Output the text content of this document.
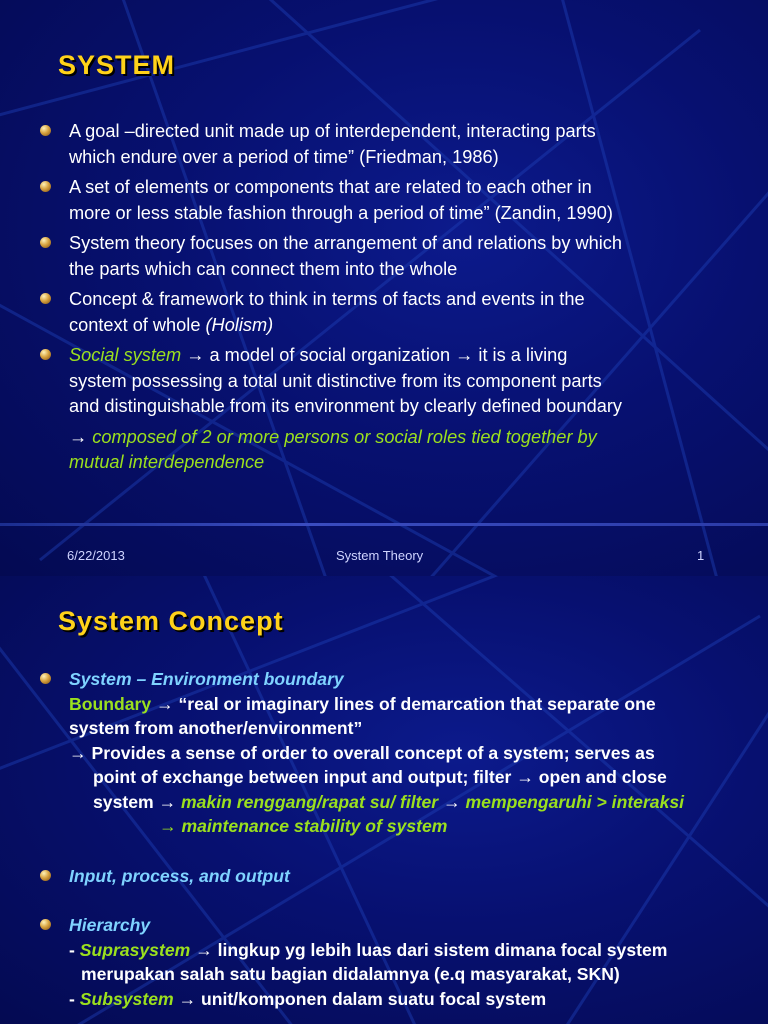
SYSTEM
A goal –directed unit made up of interdependent, interacting parts
which endure over a period of time” (Friedman, 1986)
A set of elements or components that are related to each other in
more or less stable fashion through a period of time” (Zandin, 1990)
System theory focuses on the arrangement of and relations by which
the parts which can connect them into the whole
Concept & framework to think in terms of facts and events in the
context of whole (Holism)
Social system → a model of social organization → it is a living
system possessing a total unit distinctive from its component parts
and distinguishable from its environment by clearly defined boundary
→ composed of 2 or more persons or social roles tied together by
mutual interdependence
6/22/2013	System Theory	1
System Concept
System – Environment boundary
Boundary → “real or imaginary lines of demarcation that separate one
system from another/environment”
→ Provides a sense of order to overall concept of a system; serves as
point of exchange between input and output; filter → open and close
system → makin renggang/rapat su/ filter → mempengaruhi > interaksi
→ maintenance stability of system
Input, process, and output
Hierarchy
- Suprasystem → lingkup yg lebih luas dari sistem dimana focal system
merupakan salah satu bagian didalamnya (e.q masyarakat, SKN)
- Subsystem → unit/komponen dalam suatu focal system
